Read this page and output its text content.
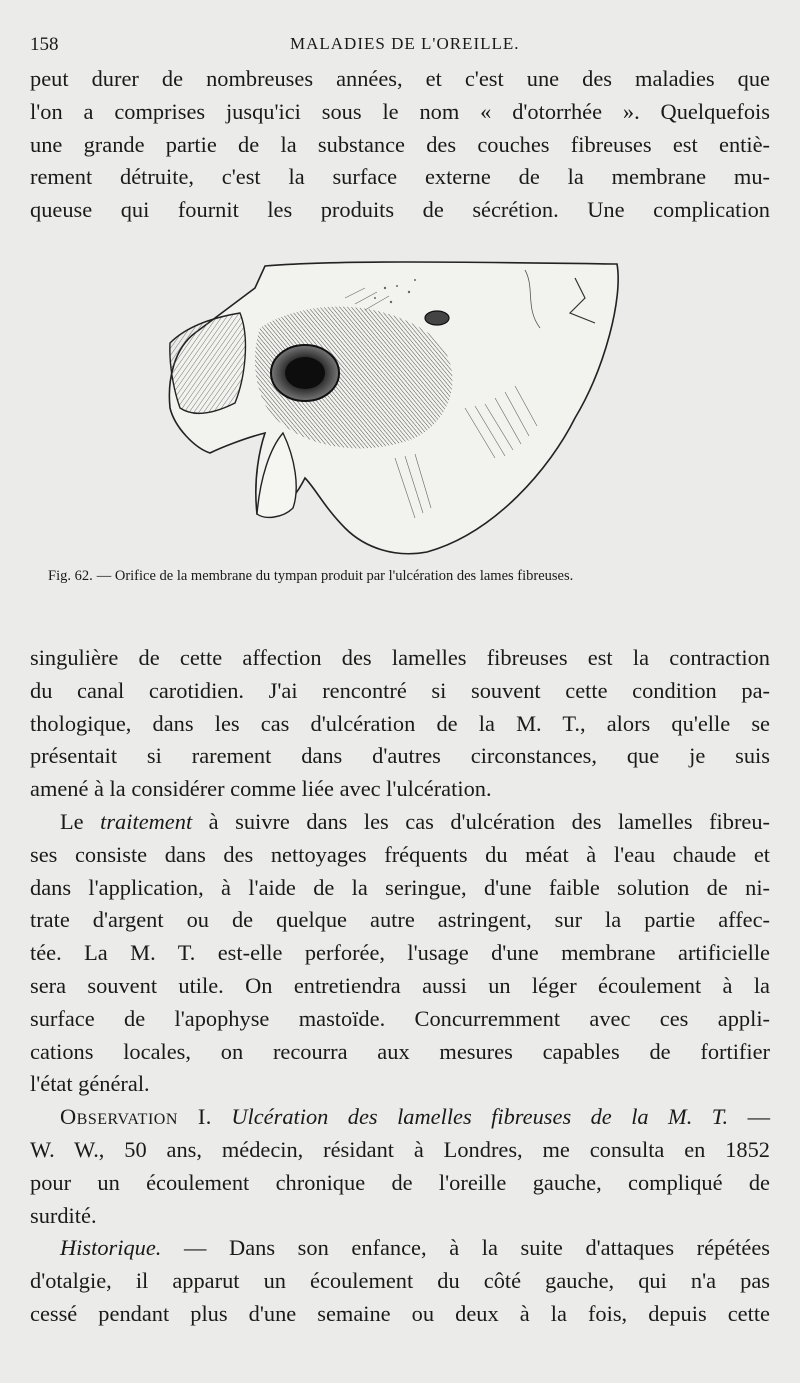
158	MALADIES DE L'OREILLE.
peut durer de nombreuses années, et c'est une des maladies que
l'on a comprises jusqu'ici sous le nom « d'otorrhée ». Quelquefois
une grande partie de la substance des couches fibreuses est entiè-
rement détruite, c'est la surface externe de la membrane mu-
queuse qui fournit les produits de sécrétion. Une complication
Fig. 62. — Orifice de la membrane du tympan produit par l'ulcération des lames fibreuses.
singulière de cette affection des lamelles fibreuses est la contraction
du canal carotidien. J'ai rencontré si souvent cette condition pa-
thologique, dans les cas d'ulcération de la M. T., alors qu'elle se
présentait si rarement dans d'autres circonstances, que je suis
amené à la considérer comme liée avec l'ulcération.
Le traitement à suivre dans les cas d'ulcération des lamelles fibreu-
ses consiste dans des nettoyages fréquents du méat à l'eau chaude et
dans l'application, à l'aide de la seringue, d'une faible solution de ni-
trate d'argent ou de quelque autre astringent, sur la partie affec-
tée. La M. T. est-elle perforée, l'usage d'une membrane artificielle
sera souvent utile. On entretiendra aussi un léger écoulement à la
surface de l'apophyse mastoïde. Concurremment avec ces appli-
cations locales, on recourra aux mesures capables de fortifier
l'état général.
Observation I. Ulcération des lamelles fibreuses de la M. T. —
W. W., 50 ans, médecin, résidant à Londres, me consulta en 1852
pour un écoulement chronique de l'oreille gauche, compliqué de
surdité.
Historique. — Dans son enfance, à la suite d'attaques répétées
d'otalgie, il apparut un écoulement du côté gauche, qui n'a pas
cessé pendant plus d'une semaine ou deux à la fois, depuis cette
